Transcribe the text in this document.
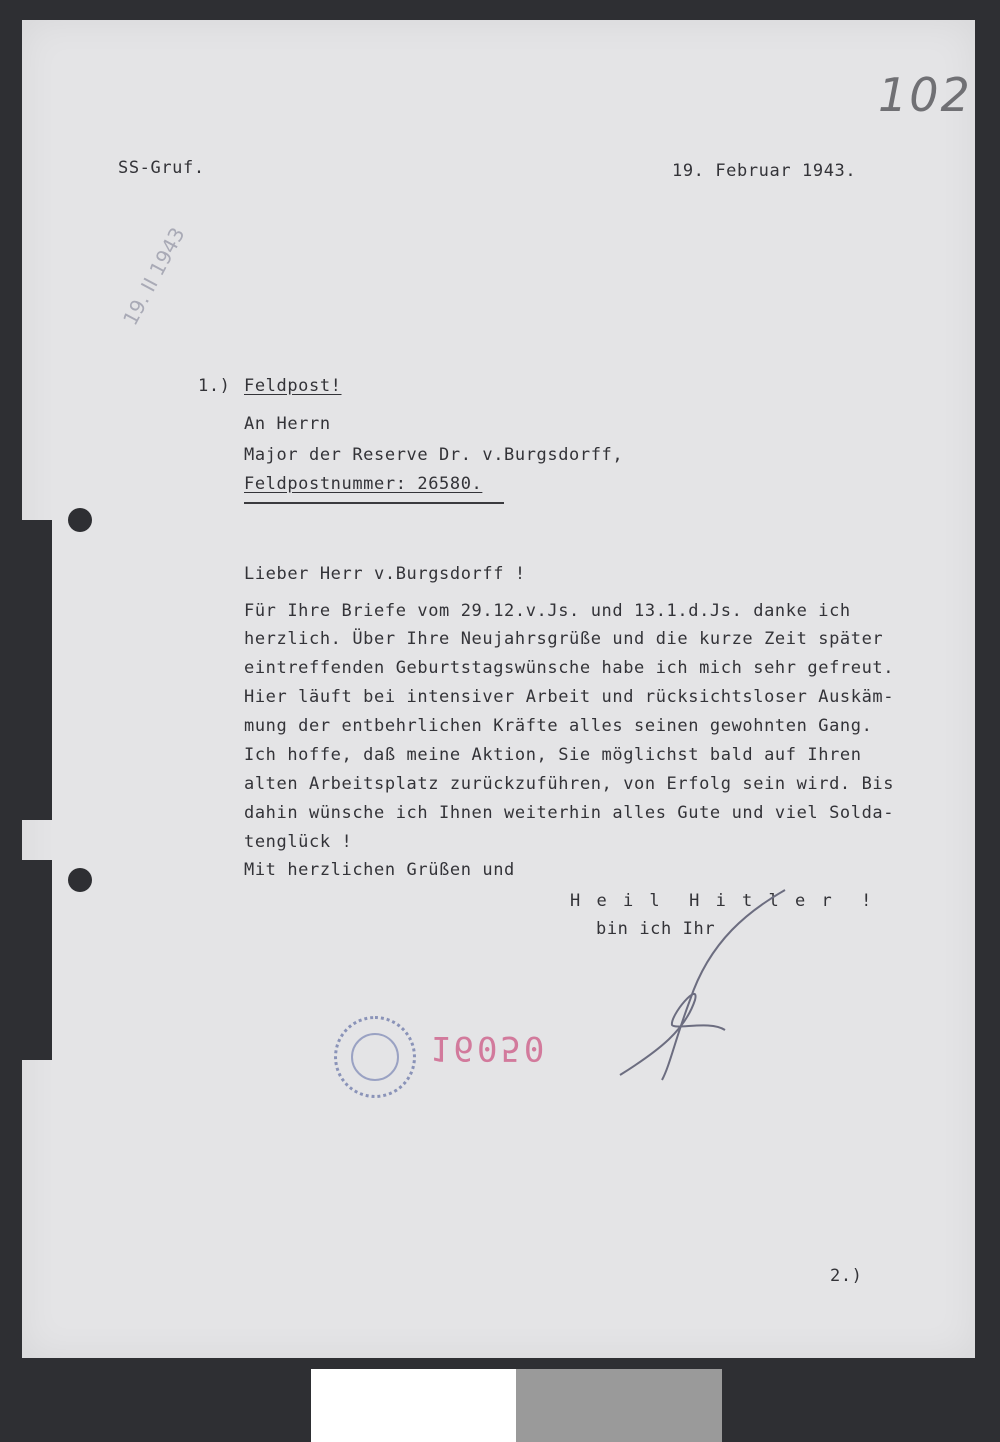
102
19. II 1943
SS-Gruf.	19. Februar 1943.
1.) Feldpost!
An Herrn
Major der Reserve Dr. v.Burgsdorff,
Feldpostnummer: 26580.
Lieber Herr v.Burgsdorff !
Für Ihre Briefe vom 29.12.v.Js. und 13.1.d.Js. danke ich
herzlich. Über Ihre Neujahrsgrüße und die kurze Zeit später
eintreffenden Geburtstagswünsche habe ich mich sehr gefreut.
Hier läuft bei intensiver Arbeit und rücksichtsloser Auskäm-
mung der entbehrlichen Kräfte alles seinen gewohnten Gang.
Ich hoffe, daß meine Aktion, Sie möglichst bald auf Ihren
alten Arbeitsplatz zurückzuführen, von Erfolg sein wird. Bis
dahin wünsche ich Ihnen weiterhin alles Gute und viel Solda-
tenglück !
Mit herzlichen Grüßen und
H e i l  H i t l e r  !
bin ich Ihr
16050
2.)
